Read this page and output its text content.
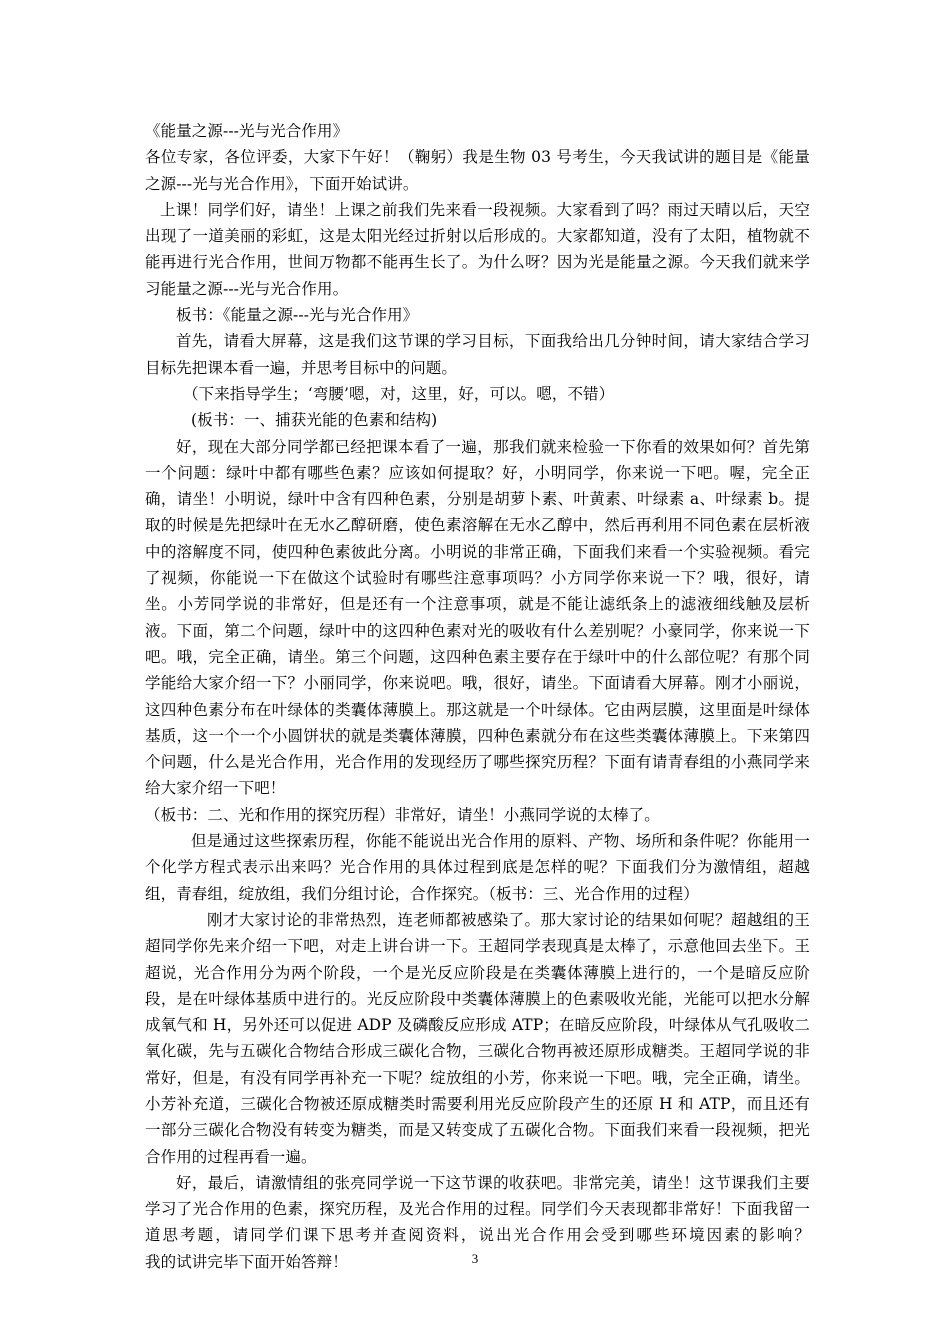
《能量之源---光与光合作用》

各位专家，各位评委，大家下午好！（鞠躬）我是生物 03 号考生，今天我试讲的题目是《能量之源---光与光合作用》，下面开始试讲。

上课！同学们好，请坐！上课之前我们先来看一段视频。大家看到了吗？雨过天晴以后，天空出现了一道美丽的彩虹，这是太阳光经过折射以后形成的。大家都知道，没有了太阳，植物就不能再进行光合作用，世间万物都不能再生长了。为什么呀？因为光是能量之源。今天我们就来学习能量之源---光与光合作用。

板书：《能量之源---光与光合作用》

首先，请看大屏幕，这是我们这节课的学习目标，下面我给出几分钟时间，请大家结合学习目标先把课本看一遍，并思考目标中的问题。

（下来指导学生；‘弯腰’嗯，对，这里，好，可以。嗯，不错）

(板书：一、捕获光能的色素和结构)

好，现在大部分同学都已经把课本看了一遍，那我们就来检验一下你看的效果如何？首先第一个问题：绿叶中都有哪些色素？应该如何提取？好，小明同学，你来说一下吧。喔，完全正确，请坐！小明说，绿叶中含有四种色素，分别是胡萝卜素、叶黄素、叶绿素 a、叶绿素 b。提取的时候是先把绿叶在无水乙醇研磨，使色素溶解在无水乙醇中，然后再利用不同色素在层析液中的溶解度不同，使四种色素彼此分离。小明说的非常正确，下面我们来看一个实验视频。看完了视频，你能说一下在做这个试验时有哪些注意事项吗？小方同学你来说一下？哦，很好，请坐。小芳同学说的非常好，但是还有一个注意事项，就是不能让滤纸条上的滤液细线触及层析液。下面，第二个问题，绿叶中的这四种色素对光的吸收有什么差别呢？小豪同学，你来说一下吧。哦，完全正确，请坐。第三个问题，这四种色素主要存在于绿叶中的什么部位呢？有那个同学能给大家介绍一下？小丽同学，你来说吧。哦，很好，请坐。下面请看大屏幕。刚才小丽说，这四种色素分布在叶绿体的类囊体薄膜上。那这就是一个叶绿体。它由两层膜，这里面是叶绿体基质，这一个一个小圆饼状的就是类囊体薄膜，四种色素就分布在这些类囊体薄膜上。下来第四个问题，什么是光合作用，光合作用的发现经历了哪些探究历程？下面有请青春组的小燕同学来给大家介绍一下吧！

（板书：二、光和作用的探究历程）非常好，请坐！小燕同学说的太棒了。

但是通过这些探索历程，你能不能说出光合作用的原料、产物、场所和条件呢？你能用一个化学方程式表示出来吗？光合作用的具体过程到底是怎样的呢？下面我们分为激情组，超越组，青春组，绽放组，我们分组讨论，合作探究。（板书：三、光合作用的过程）

刚才大家讨论的非常热烈，连老师都被感染了。那大家讨论的结果如何呢？超越组的王超同学你先来介绍一下吧，对走上讲台讲一下。王超同学表现真是太棒了，示意他回去坐下。王超说，光合作用分为两个阶段，一个是光反应阶段是在类囊体薄膜上进行的，一个是暗反应阶段，是在叶绿体基质中进行的。光反应阶段中类囊体薄膜上的色素吸收光能，光能可以把水分解成氧气和 H，另外还可以促进 ADP 及磷酸反应形成 ATP；在暗反应阶段，叶绿体从气孔吸收二氧化碳，先与五碳化合物结合形成三碳化合物，三碳化合物再被还原形成糖类。王超同学说的非常好，但是，有没有同学再补充一下呢？绽放组的小芳，你来说一下吧。哦，完全正确，请坐。小芳补充道，三碳化合物被还原成糖类时需要利用光反应阶段产生的还原 H 和 ATP，而且还有一部分三碳化合物没有转变为糖类，而是又转变成了五碳化合物。下面我们来看一段视频，把光合作用的过程再看一遍。

好，最后，请激情组的张亮同学说一下这节课的收获吧。非常完美，请坐！这节课我们主要学习了光合作用的色素，探究历程，及光合作用的过程。同学们今天表现都非常好！下面我留一道思考题，请同学们课下思考并查阅资料，说出光合作用会受到哪些环境因素的影响？　　　　　　　　我的试讲完毕下面开始答辩！	3
